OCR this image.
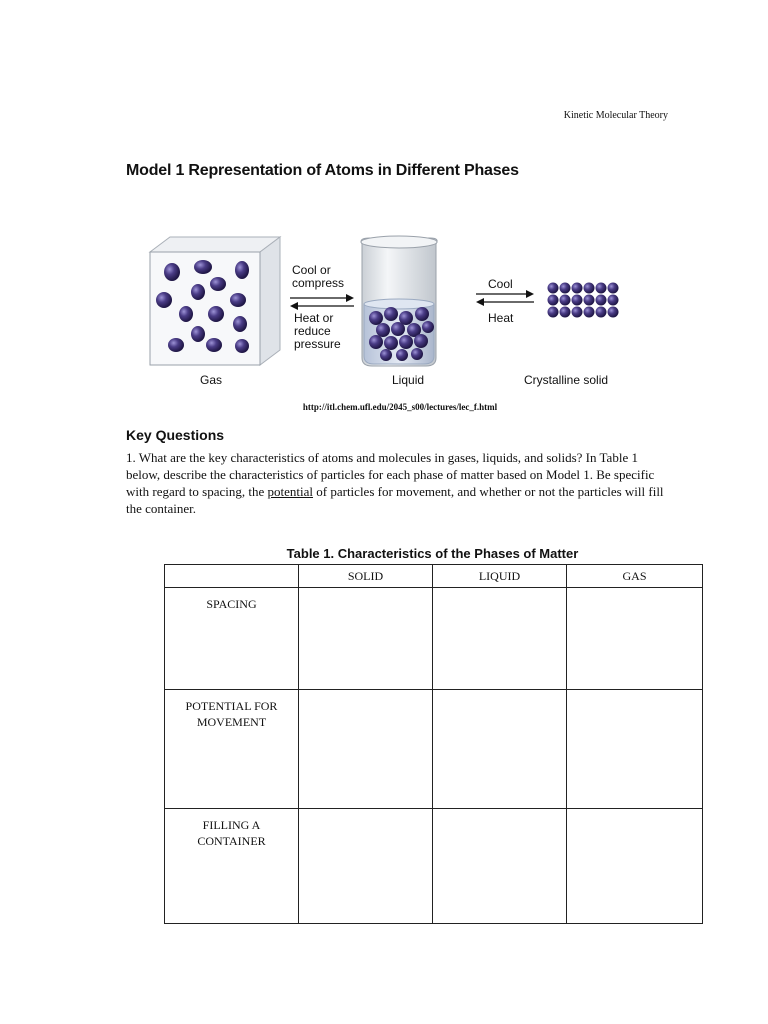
Kinetic Molecular Theory
Model 1 Representation of Atoms in Different Phases
Cool or
compress
Heat or
reduce
pressure
Cool
Heat
Gas	Liquid	Crystalline solid
http://itl.chem.ufl.edu/2045_s00/lectures/lec_f.html
Key Questions
1. What are the key characteristics of atoms and molecules in gases, liquids, and solids? In Table 1 below, describe the characteristics of particles for each phase of matter based on Model 1. Be specific with regard to spacing, the potential of particles for movement, and whether or not the particles will fill the container.
Table 1. Characteristics of the Phases of Matter
	SOLID	LIQUID	GAS

SPACING			

POTENTIAL FOR
MOVEMENT			

FILLING A
CONTAINER			
